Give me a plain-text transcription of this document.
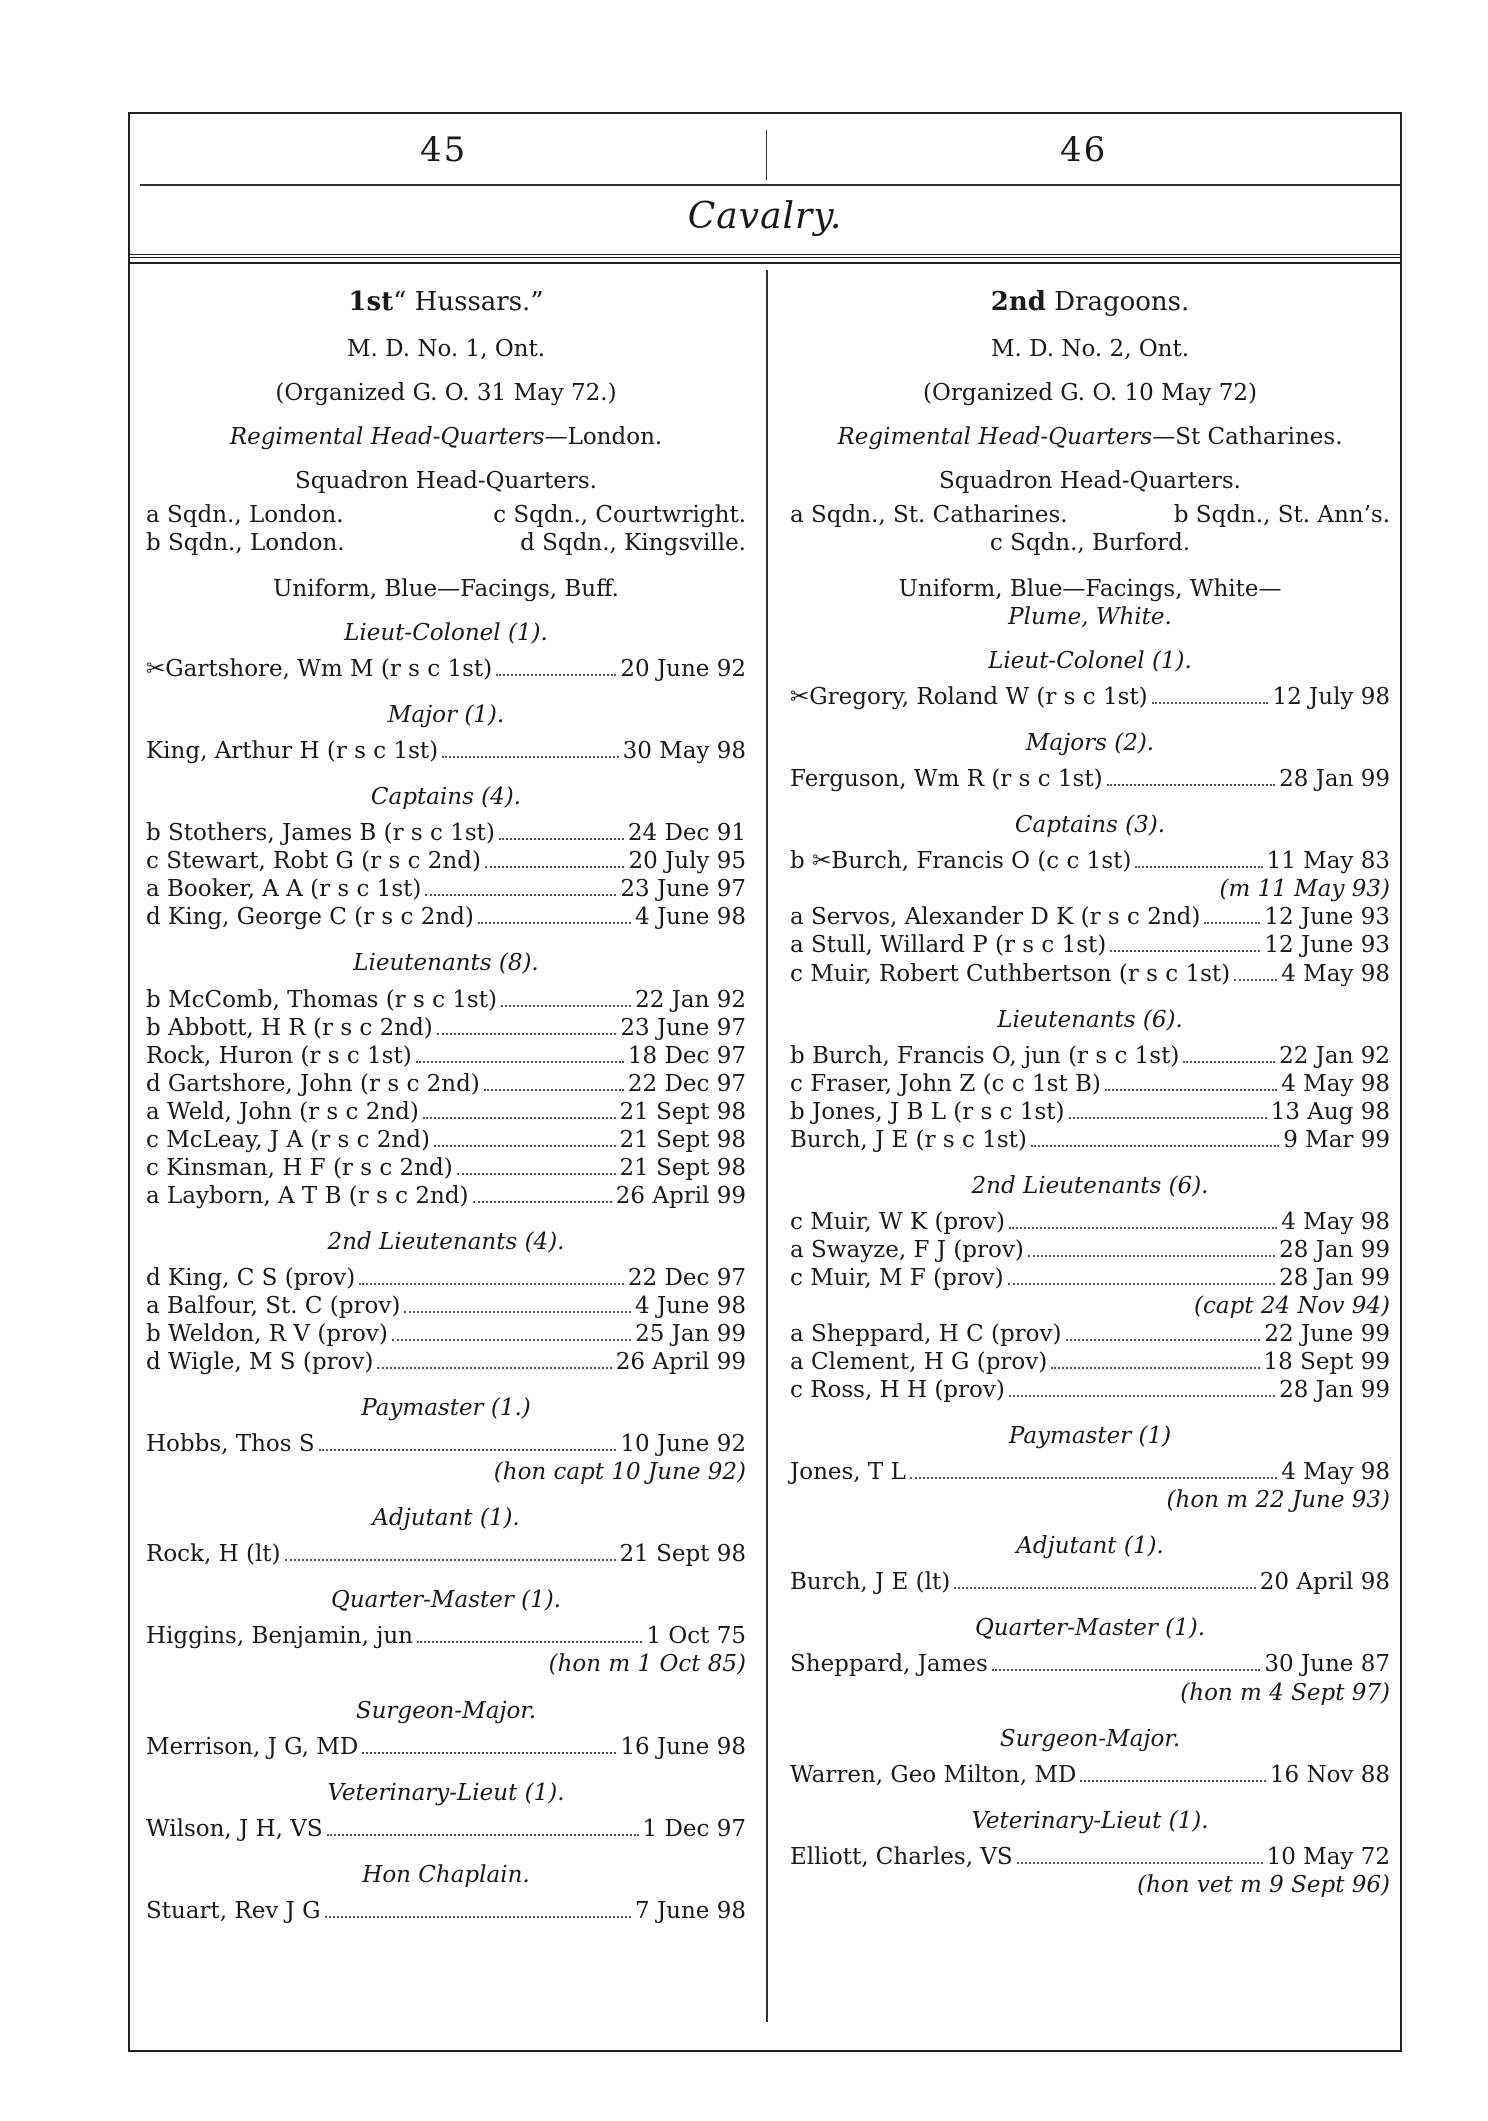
45	46
Cavalry.

1st“ Hussars.”

M. D. No. 1, Ont.

(Organized G. O. 31 May 72.)

Regimental Head-Quarters—London.

Squadron Head-Quarters.

a Sqdn., London.	c Sqdn., Courtwright.

b Sqdn., London.	d Sqdn., Kingsville.

Uniform, Blue—Facings, Buff.

Lieut-Colonel (1).

✂Gartshore, Wm M (r s c 1st)	20 June 92

Major (1).

King, Arthur H (r s c 1st)	30 May 98

Captains (4).

b Stothers, James B (r s c 1st)	24 Dec 91

c Stewart, Robt G (r s c 2nd)	20 July 95

a Booker, A A (r s c 1st)	23 June 97

d King, George C (r s c 2nd)	4 June 98

Lieutenants (8).

b McComb, Thomas (r s c 1st)	22 Jan 92

b Abbott, H R (r s c 2nd)	23 June 97

Rock, Huron (r s c 1st)	18 Dec 97

d Gartshore, John (r s c 2nd)	22 Dec 97

a Weld, John (r s c 2nd)	21 Sept 98

c McLeay, J A (r s c 2nd)	21 Sept 98

c Kinsman, H F (r s c 2nd)	21 Sept 98

a Layborn, A T B (r s c 2nd)	26 April 99

2nd Lieutenants (4).

d King, C S (prov)	22 Dec 97

a Balfour, St. C (prov)	4 June 98

b Weldon, R V (prov)	25 Jan 99

d Wigle, M S (prov)	26 April 99

Paymaster (1.)

Hobbs, Thos S	10 June 92

(hon capt 10 June 92)

Adjutant (1).

Rock, H (lt)	21 Sept 98

Quarter-Master (1).

Higgins, Benjamin, jun	1 Oct 75

(hon m 1 Oct 85)

Surgeon-Major.

Merrison, J G, MD	16 June 98

Veterinary-Lieut (1).

Wilson, J H, VS	1 Dec 97

Hon Chaplain.

Stuart, Rev J G	7 June 98

2nd Dragoons.

M. D. No. 2, Ont.

(Organized G. O. 10 May 72)

Regimental Head-Quarters—St Catharines.

Squadron Head-Quarters.

a Sqdn., St. Catharines.	b Sqdn., St. Ann’s.

c Sqdn., Burford.

Uniform, Blue—Facings, White—

Plume, White.

Lieut-Colonel (1).

✂Gregory, Roland W (r s c 1st)	12 July 98

Majors (2).

Ferguson, Wm R (r s c 1st)	28 Jan 99

Captains (3).

b ✂Burch, Francis O (c c 1st)	11 May 83

(m 11 May 93)

a Servos, Alexander D K (r s c 2nd)	12 June 93

a Stull, Willard P (r s c 1st)	12 June 93

c Muir, Robert Cuthbertson (r s c 1st) 4 May 98

Lieutenants (6).

b Burch, Francis O, jun (r s c 1st)	22 Jan 92

c Fraser, John Z (c c 1st B)	4 May 98

b Jones, J B L (r s c 1st)	13 Aug 98

Burch, J E (r s c 1st)	9 Mar 99

2nd Lieutenants (6).

c Muir, W K (prov)	4 May 98

a Swayze, F J (prov)	28 Jan 99

c Muir, M F (prov)	28 Jan 99

(capt 24 Nov 94)

a Sheppard, H C (prov)	22 June 99

a Clement, H G (prov)	18 Sept 99

c Ross, H H (prov)	28 Jan 99

Paymaster (1)

Jones, T L	4 May 98

(hon m 22 June 93)

Adjutant (1).

Burch, J E (lt)	20 April 98

Quarter-Master (1).

Sheppard, James	30 June 87

(hon m 4 Sept 97)

Surgeon-Major.

Warren, Geo Milton, MD	16 Nov 88

Veterinary-Lieut (1).

Elliott, Charles, VS	10 May 72

(hon vet m 9 Sept 96)
